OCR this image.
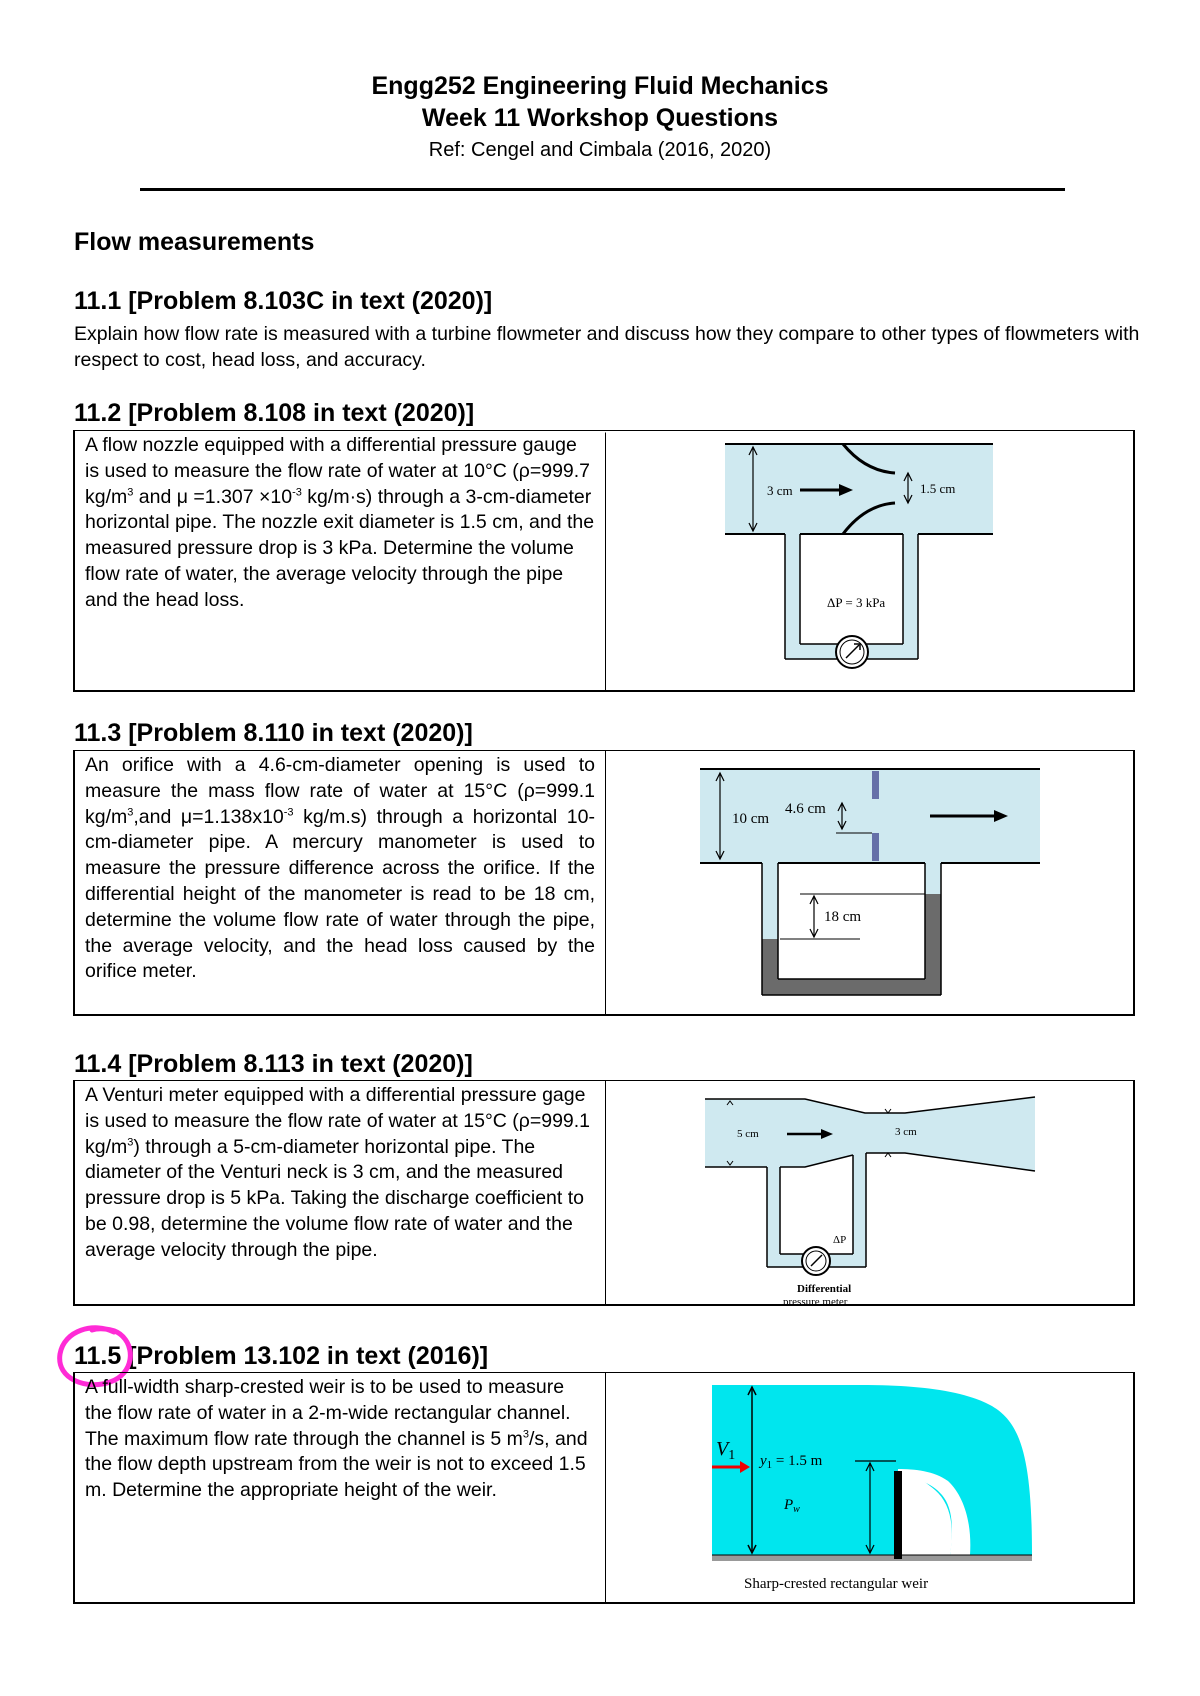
Engg252 Engineering Fluid Mechanics
Week 11 Workshop Questions
Ref: Cengel and Cimbala (2016, 2020)
Flow measurements
11.1 [Problem 8.103C in text (2020)]
Explain how flow rate is measured with a turbine flowmeter and discuss how they compare to other types of flowmeters with respect to cost, head loss, and accuracy.
11.2 [Problem 8.108 in text (2020)]
A flow nozzle equipped with a differential pressure gauge is used to measure the flow rate of water at 10°C (ρ=999.7 $kg/m^3$ and $\mu =1.307 \times 10^{-3}$ kg/m·s) through a 3-cm-diameter horizontal pipe. The nozzle exit diameter is 1.5 cm, and the measured pressure drop is 3 kPa. Determine the volume flow rate of water, the average velocity through the pipe and the head loss.
3 cm	1.5 cm
ΔP = 3 kPa
11.3 [Problem 8.110 in text (2020)]
An orifice with a 4.6-cm-diameter opening is used to measure the mass flow rate of water at 15°C (ρ=999.1 $kg/m^3,and$ $\mu=1.138x10^{-3}$ kg/m.s) through a horizontal 10-cm-diameter pipe. A mercury manometer is used to measure the pressure difference across the orifice. If the differential height of the manometer is read to be 18 cm, determine the volume flow rate of water through the pipe, the average velocity, and the head loss caused by the orifice meter.
10 cm
4.6 cm
18 cm
11.4 [Problem 8.113 in text (2020)]
A Venturi meter equipped with a differential pressure gage is used to measure the flow rate of water at 15°C (ρ=999.1 $kg/m^3$) through a 5-cm-diameter horizontal pipe. The diameter of the Venturi neck is 3 cm, and the measured pressure drop is 5 kPa. Taking the discharge coefficient to be 0.98, determine the volume flow rate of water and the average velocity through the pipe.
5 cm	3 cm
ΔP
Differential
pressure meter
11.5 [Problem 13.102 in text (2016)]
A full-width sharp-crested weir is to be used to measure the flow rate of water in a 2-m-wide rectangular channel. The maximum flow rate through the channel is 5 $m^3/s$, and the flow depth upstream from the weir is not to exceed 1.5 m. Determine the appropriate height of the weir.
$V_1$ $y_1 = 1.5$ m
$P_w$
Sharp-crested rectangular weir
